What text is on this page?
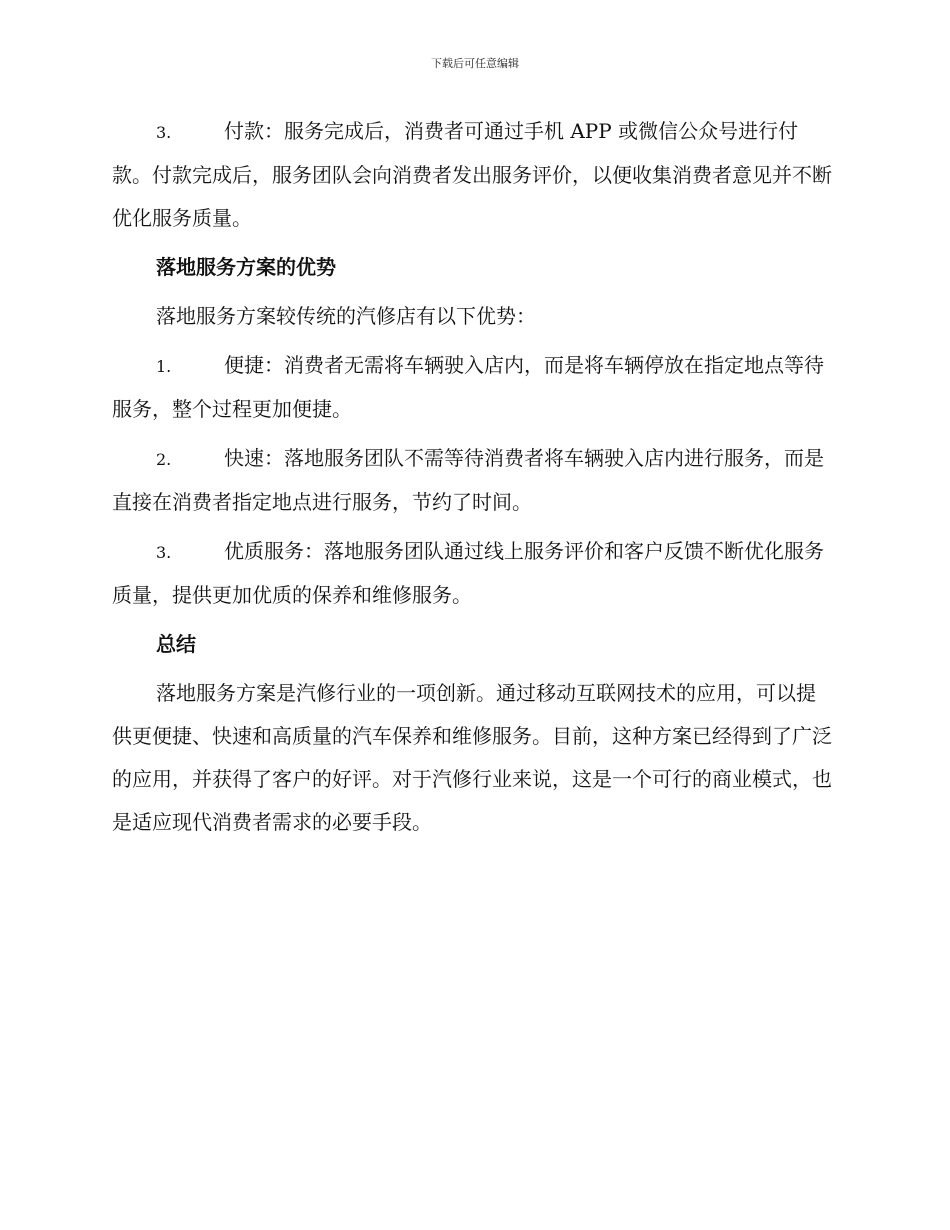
下载后可任意编辑

3.	付款：服务完成后，消费者可通过手机 APP 或微信公众号进行付款。付款完成后，服务团队会向消费者发出服务评价，以便收集消费者意见并不断优化服务质量。

落地服务方案的优势

落地服务方案较传统的汽修店有以下优势：

1.	便捷：消费者无需将车辆驶入店内，而是将车辆停放在指定地点等待服务，整个过程更加便捷。

2.	快速：落地服务团队不需等待消费者将车辆驶入店内进行服务，而是直接在消费者指定地点进行服务，节约了时间。

3.	优质服务：落地服务团队通过线上服务评价和客户反馈不断优化服务质量，提供更加优质的保养和维修服务。

总结

落地服务方案是汽修行业的一项创新。通过移动互联网技术的应用，可以提供更便捷、快速和高质量的汽车保养和维修服务。目前，这种方案已经得到了广泛的应用，并获得了客户的好评。对于汽修行业来说，这是一个可行的商业模式，也是适应现代消费者需求的必要手段。
